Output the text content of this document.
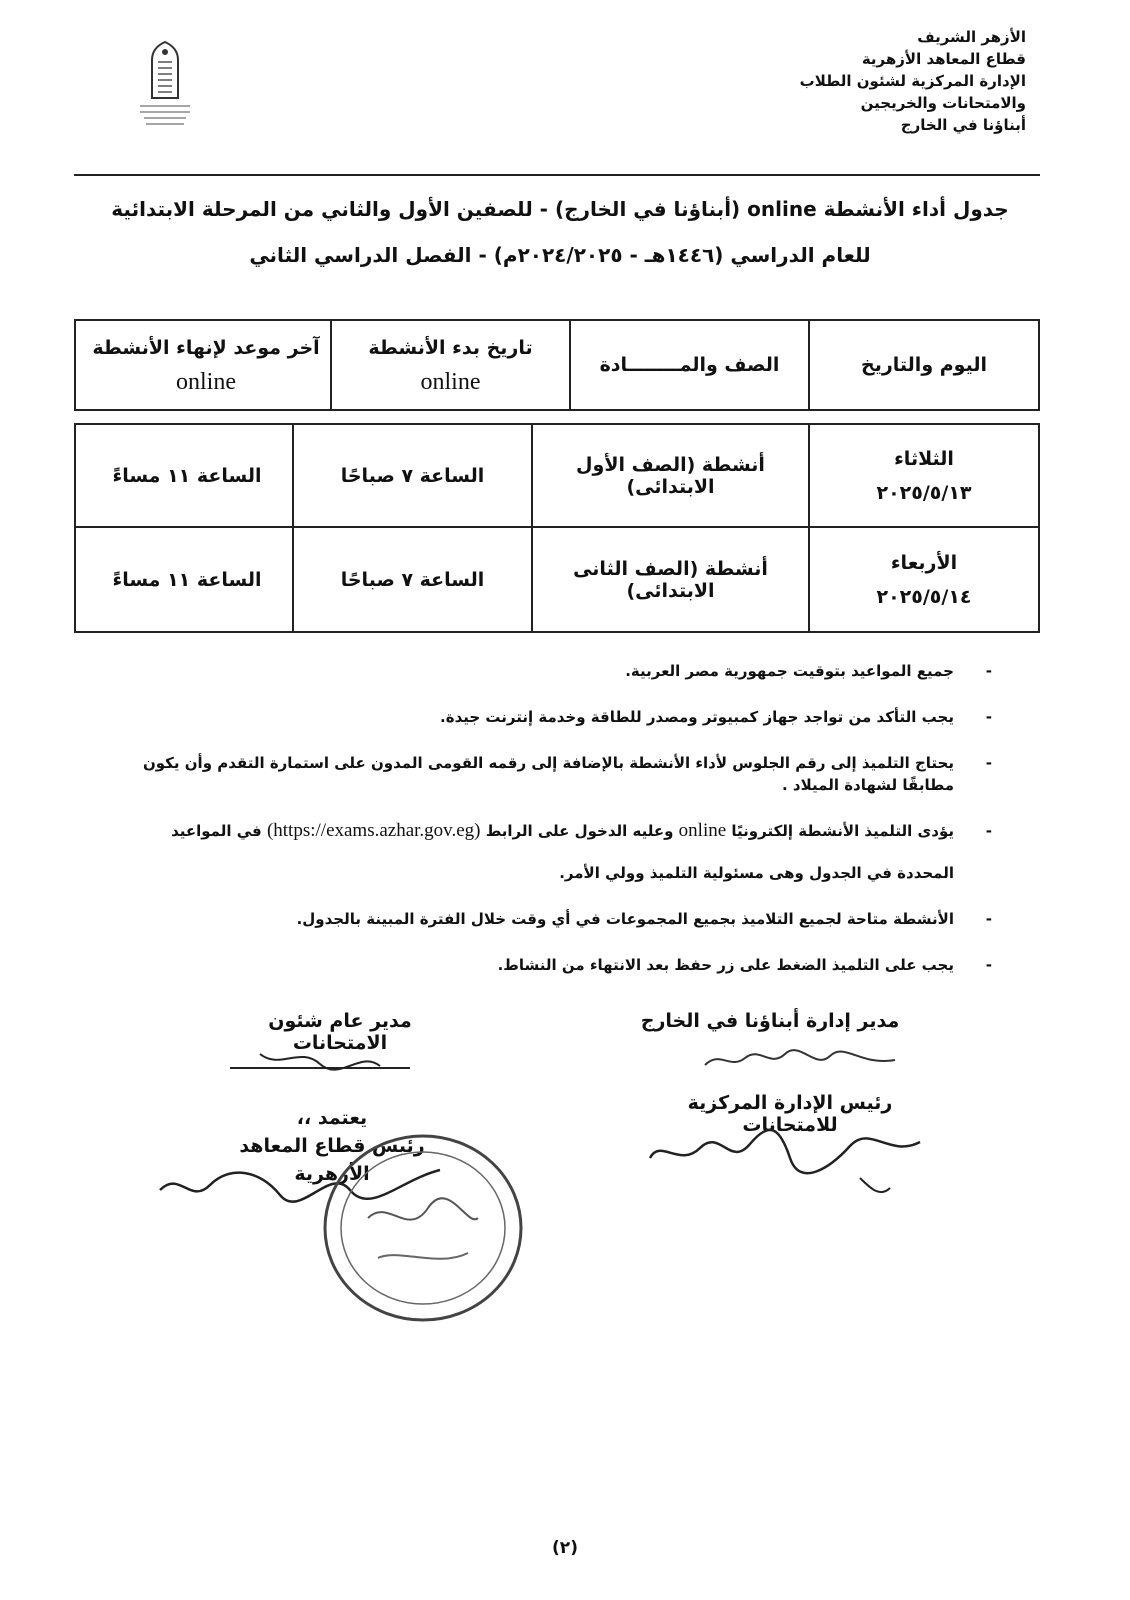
الأزهر الشريف
قطاع المعاهد الأزهرية
الإدارة المركزية لشئون الطلاب
والامتحانات والخريجين
أبناؤنا في الخارج
جدول أداء الأنشطة online (أبناؤنا في الخارج) - للصفين الأول والثاني من المرحلة الابتدائية
للعام الدراسي (١٤٤٦هـ - ٢٠٢٤/٢٠٢٥م) - الفصل الدراسي الثاني
اليوم والتاريخ
الصف والمــــــــادة
تاريخ بدء الأنشطة
online
آخر موعد لإنهاء الأنشطة
online
الثلاثاء
٢٠٢٥/٥/١٣
أنشطة (الصف الأول الابتدائى)
الساعة ٧ صباحًا
الساعة ١١ مساءً
الأربعاء
٢٠٢٥/٥/١٤
أنشطة (الصف الثانى الابتدائى)
الساعة ٧ صباحًا
الساعة ١١ مساءً
-
جميع المواعيد بتوقيت جمهورية مصر العربية.
-
يجب التأكد من تواجد جهاز كمبيوتر ومصدر للطاقة وخدمة إنترنت جيدة.
-
يحتاج التلميذ إلى رقم الجلوس لأداء الأنشطة بالإضافة إلى رقمه القومى المدون على استمارة التقدم وأن يكون مطابقًا لشهادة الميلاد .
-
يؤدى التلميذ الأنشطة إلكترونيًا online وعليه الدخول على الرابط (https://exams.azhar.gov.eg) في المواعيد
المحددة في الجدول وهى مسئولية التلميذ وولي الأمر.
-
الأنشطة متاحة لجميع التلاميذ بجميع المجموعات في أي وقت خلال الفترة المبينة بالجدول.
-
يجب على التلميذ الضغط على زر حفظ بعد الانتهاء من النشاط.
مدير إدارة أبناؤنا في الخارج
رئيس الإدارة المركزية للامتحانات
مدير عام شئون الامتحانات
يعتمد ،،
رئيس قطاع المعاهد الأزهرية
(٢)
